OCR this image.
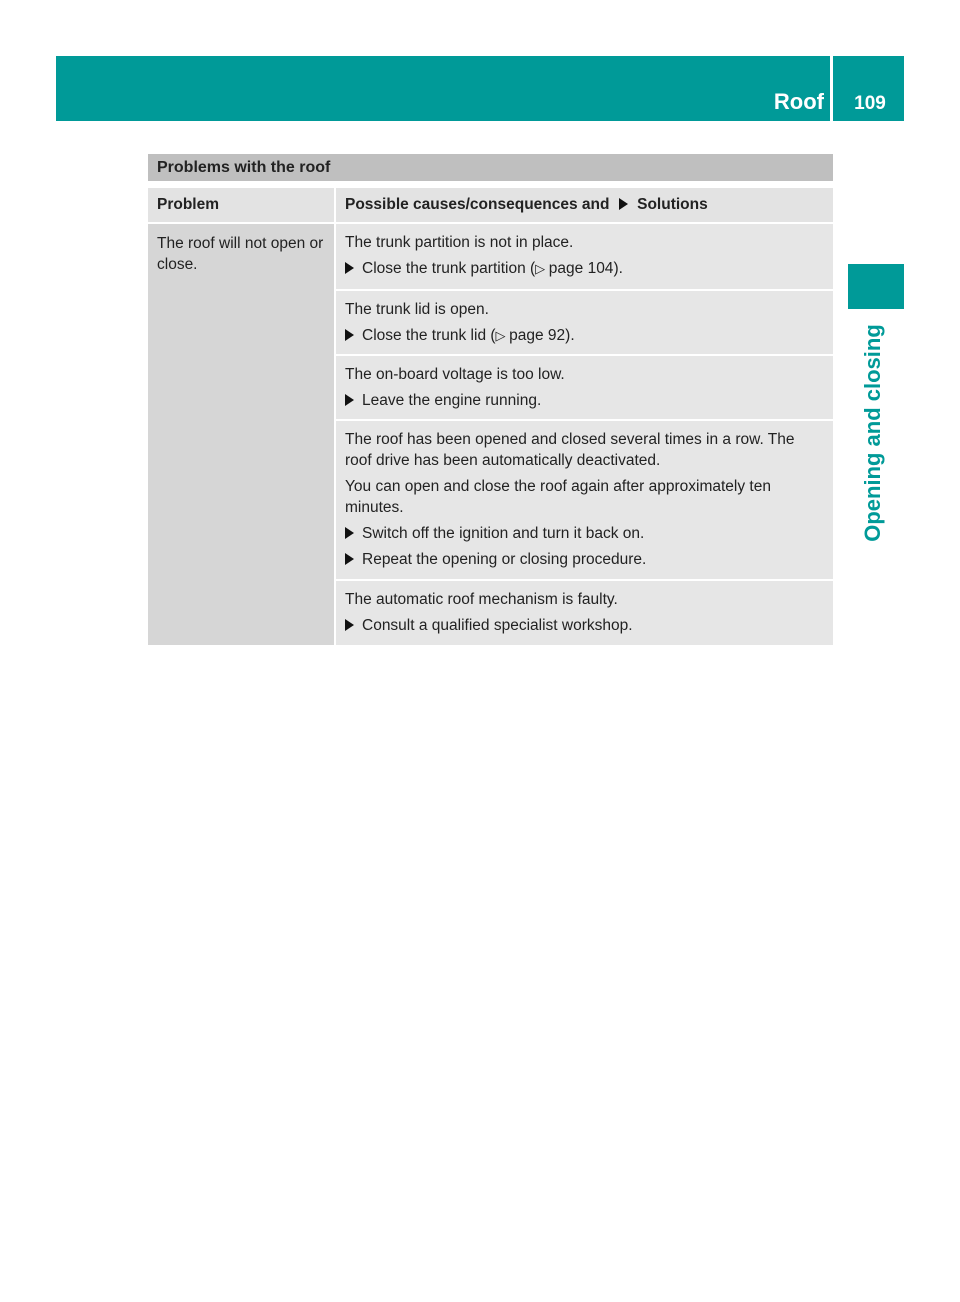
Roof	109
Opening and closing
Problems with the roof
Problem	Possible causes/consequences and Solutions
The roof will not open or
close.

The trunk partition is not in place.

Close the trunk partition (▷ page 104).

The trunk lid is open.

Close the trunk lid (▷ page 92).

The on-board voltage is too low.

Leave the engine running.

The roof has been opened and closed several times in a row. The roof drive has been automatically deactivated.

You can open and close the roof again after approximately ten minutes.

Switch off the ignition and turn it back on.
Repeat the opening or closing procedure.

The automatic roof mechanism is faulty.

Consult a qualified specialist workshop.
